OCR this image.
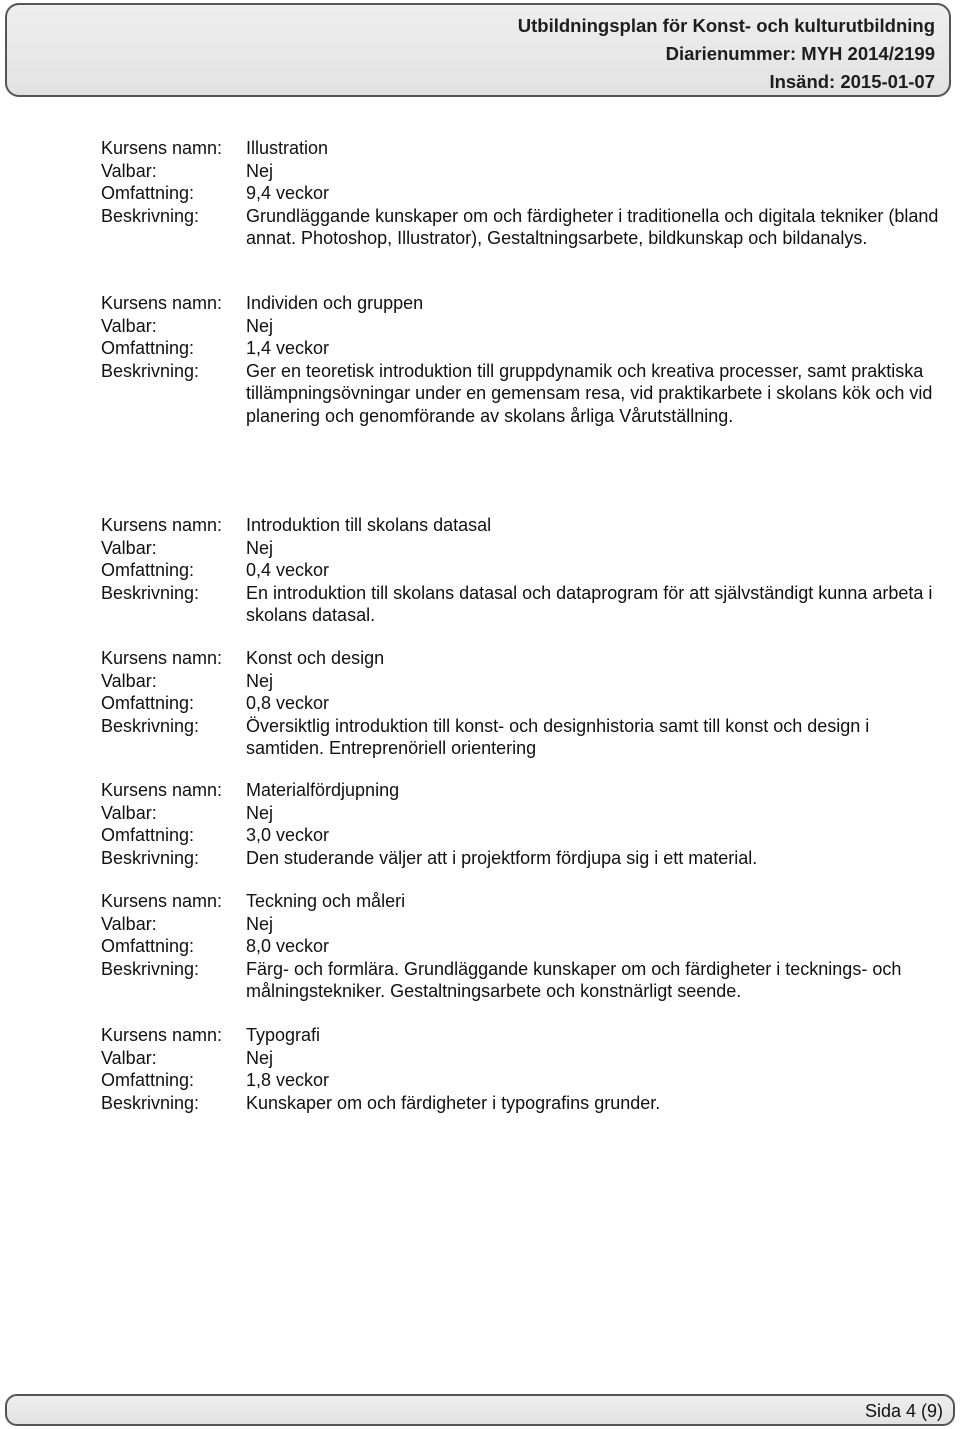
Utbildningsplan för Konst- och kulturutbildning
Diarienummer: MYH 2014/2199
Insänd: 2015-01-07
Kursens namn:	Illustration
Valbar:	Nej
Omfattning:	9,4 veckor
Beskrivning:	Grundläggande kunskaper om och färdigheter i traditionella och digitala tekniker (bland annat. Photoshop, Illustrator), Gestaltningsarbete, bildkunskap och bildanalys.
Kursens namn:	Individen och gruppen
Valbar:	Nej
Omfattning:	1,4 veckor
Beskrivning:	Ger en teoretisk introduktion till gruppdynamik och kreativa processer, samt praktiska tillämpningsövningar under en gemensam resa, vid praktikarbete i skolans kök och vid planering och genomförande av skolans årliga Vårutställning.
Kursens namn:	Introduktion till skolans datasal
Valbar:	Nej
Omfattning:	0,4 veckor
Beskrivning:	En introduktion till skolans datasal och dataprogram för att självständigt kunna arbeta i skolans datasal.
Kursens namn:	Konst och design
Valbar:	Nej
Omfattning:	0,8 veckor
Beskrivning:	Översiktlig introduktion till konst- och designhistoria samt till konst och design i samtiden. Entreprenöriell orientering
Kursens namn:	Materialfördjupning
Valbar:	Nej
Omfattning:	3,0 veckor
Beskrivning:	Den studerande väljer att i projektform fördjupa sig i ett material.
Kursens namn:	Teckning och måleri
Valbar:	Nej
Omfattning:	8,0 veckor
Beskrivning:	Färg- och formlära. Grundläggande kunskaper om och färdigheter i tecknings- och målningstekniker. Gestaltningsarbete och konstnärligt seende.
Kursens namn:	Typografi
Valbar:	Nej
Omfattning:	1,8 veckor
Beskrivning:	Kunskaper om och färdigheter i typografins grunder.
Sida 4 (9)
